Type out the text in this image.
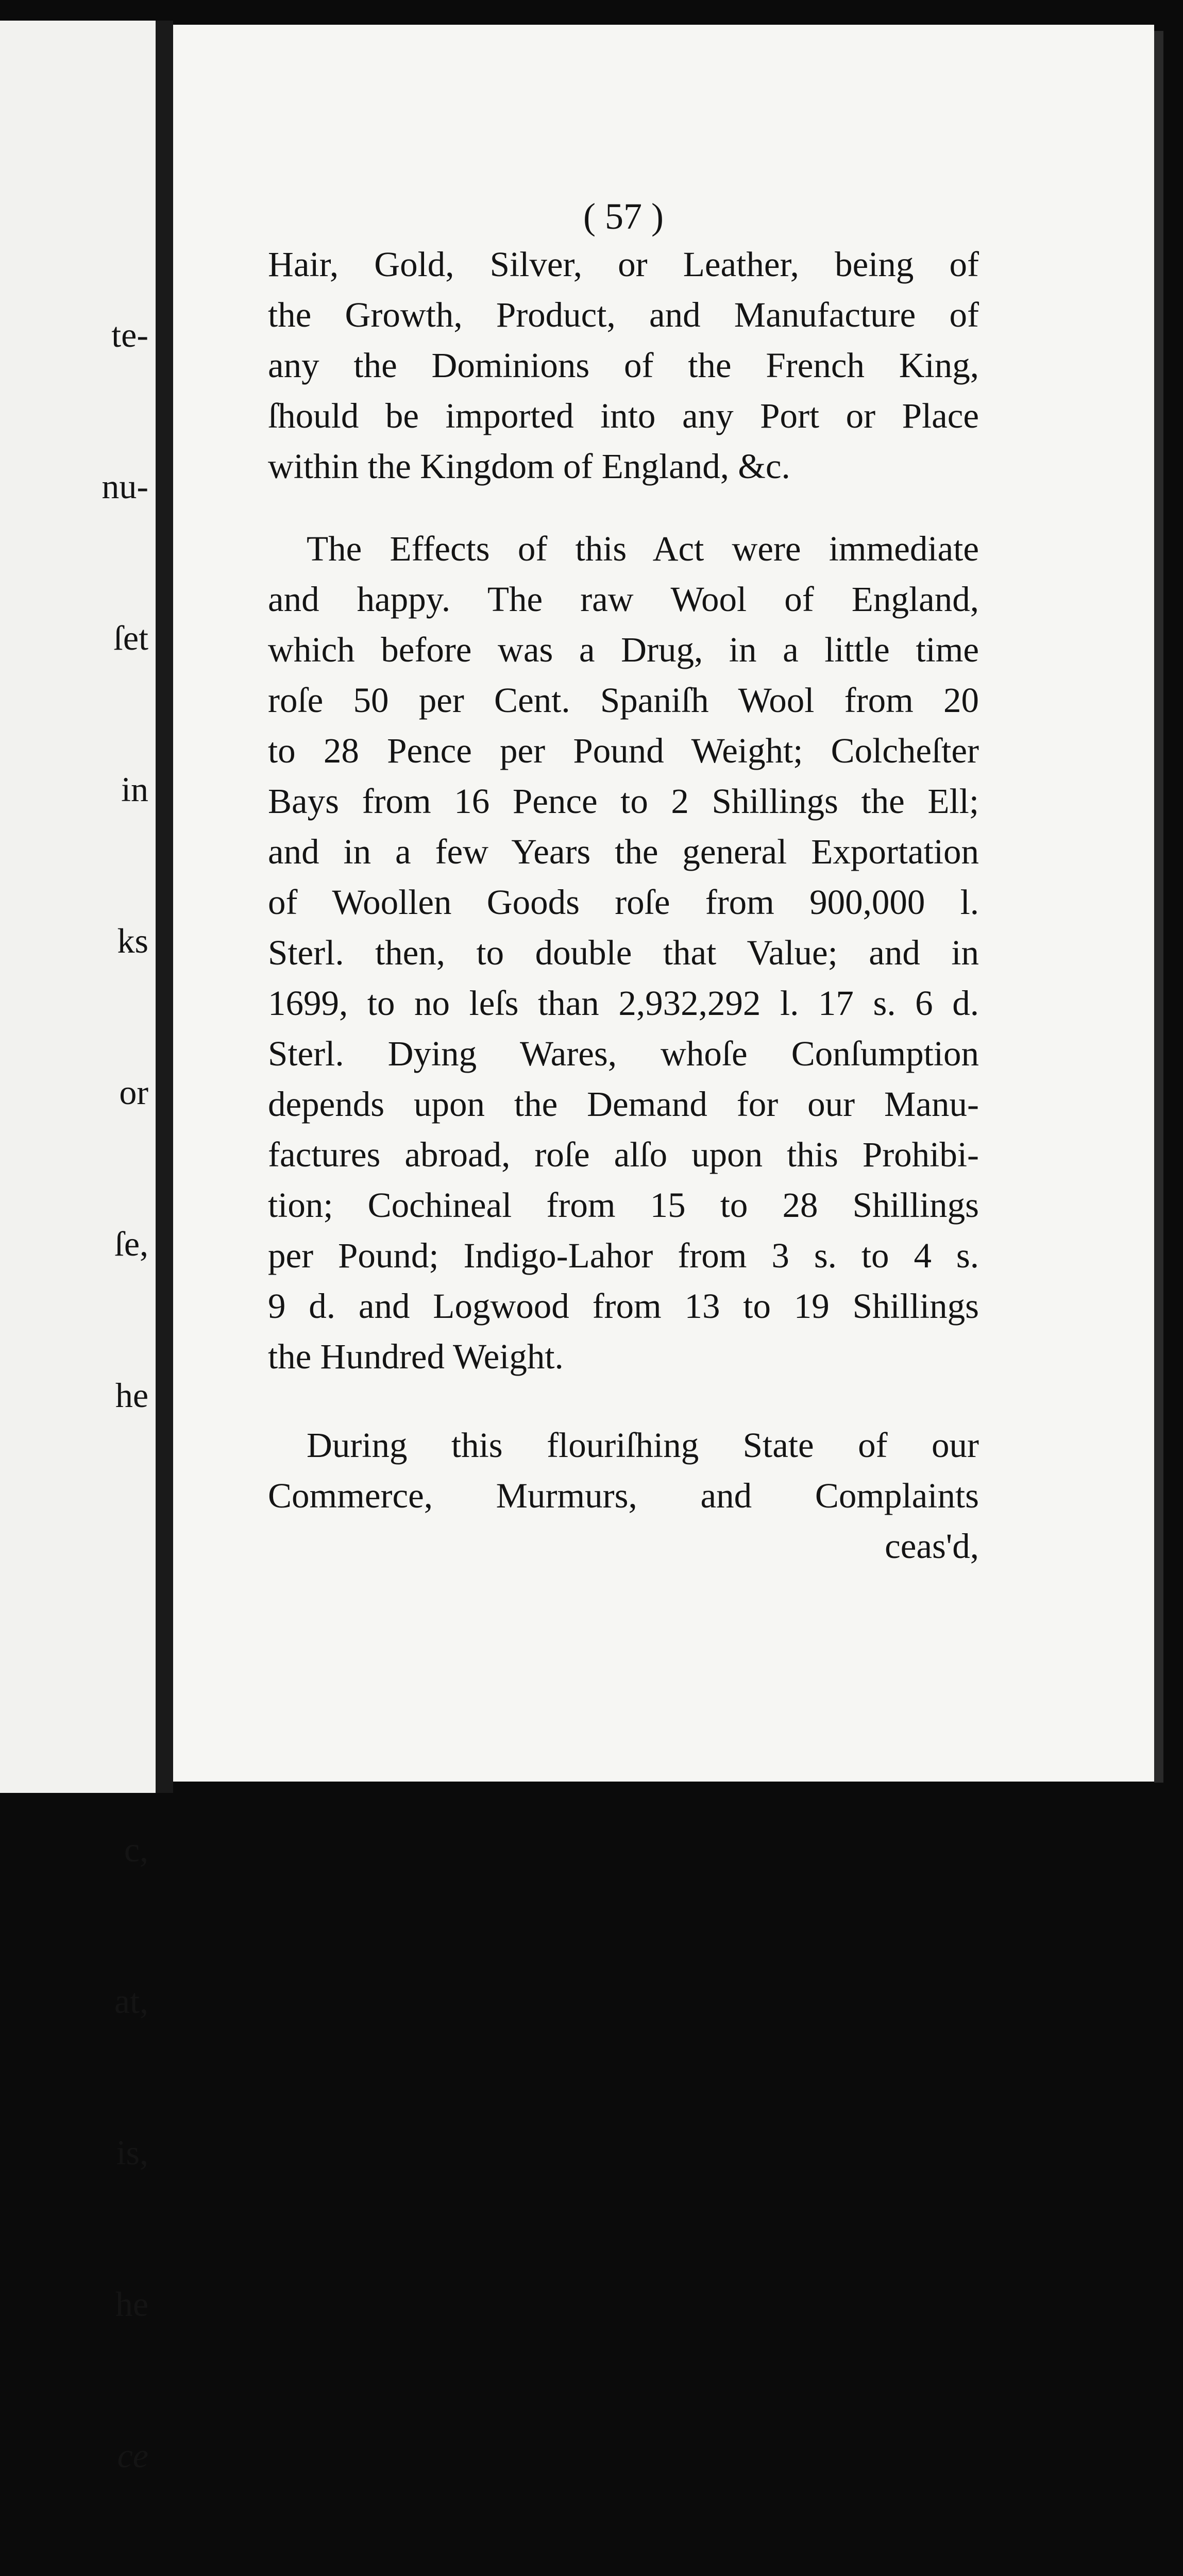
te-

nu-

ſet

in

ks

or

ſe,

he

c,

at,

is,

he

ce

( 57 )
Hair, Gold, Silver, or Leather, being of
the Growth, Product, and Manufacture of
any the Dominions of the French King,
ſhould be imported into any Port or Place
within the Kingdom of England, &c.
The Effects of this Act were immediate
and happy. The raw Wool of England,
which before was a Drug, in a little time
roſe 50 per Cent. Spaniſh Wool from 20
to 28 Pence per Pound Weight; Colcheſter
Bays from 16 Pence to 2 Shillings the Ell;
and in a few Years the general Exportation
of Woollen Goods roſe from 900,000 l.
Sterl. then, to double that Value; and in
1699, to no leſs than 2,932,292 l. 17 s. 6 d.
Sterl. Dying Wares, whoſe Conſumption
depends upon the Demand for our Manu-
factures abroad, roſe alſo upon this Prohibi-
tion; Cochineal from 15 to 28 Shillings
per Pound; Indigo-Lahor from 3 s. to 4 s.
9 d. and Logwood from 13 to 19 Shillings
the Hundred Weight.
During this flouriſhing State of our
Commerce, Murmurs, and Complaints
ceas'd,
